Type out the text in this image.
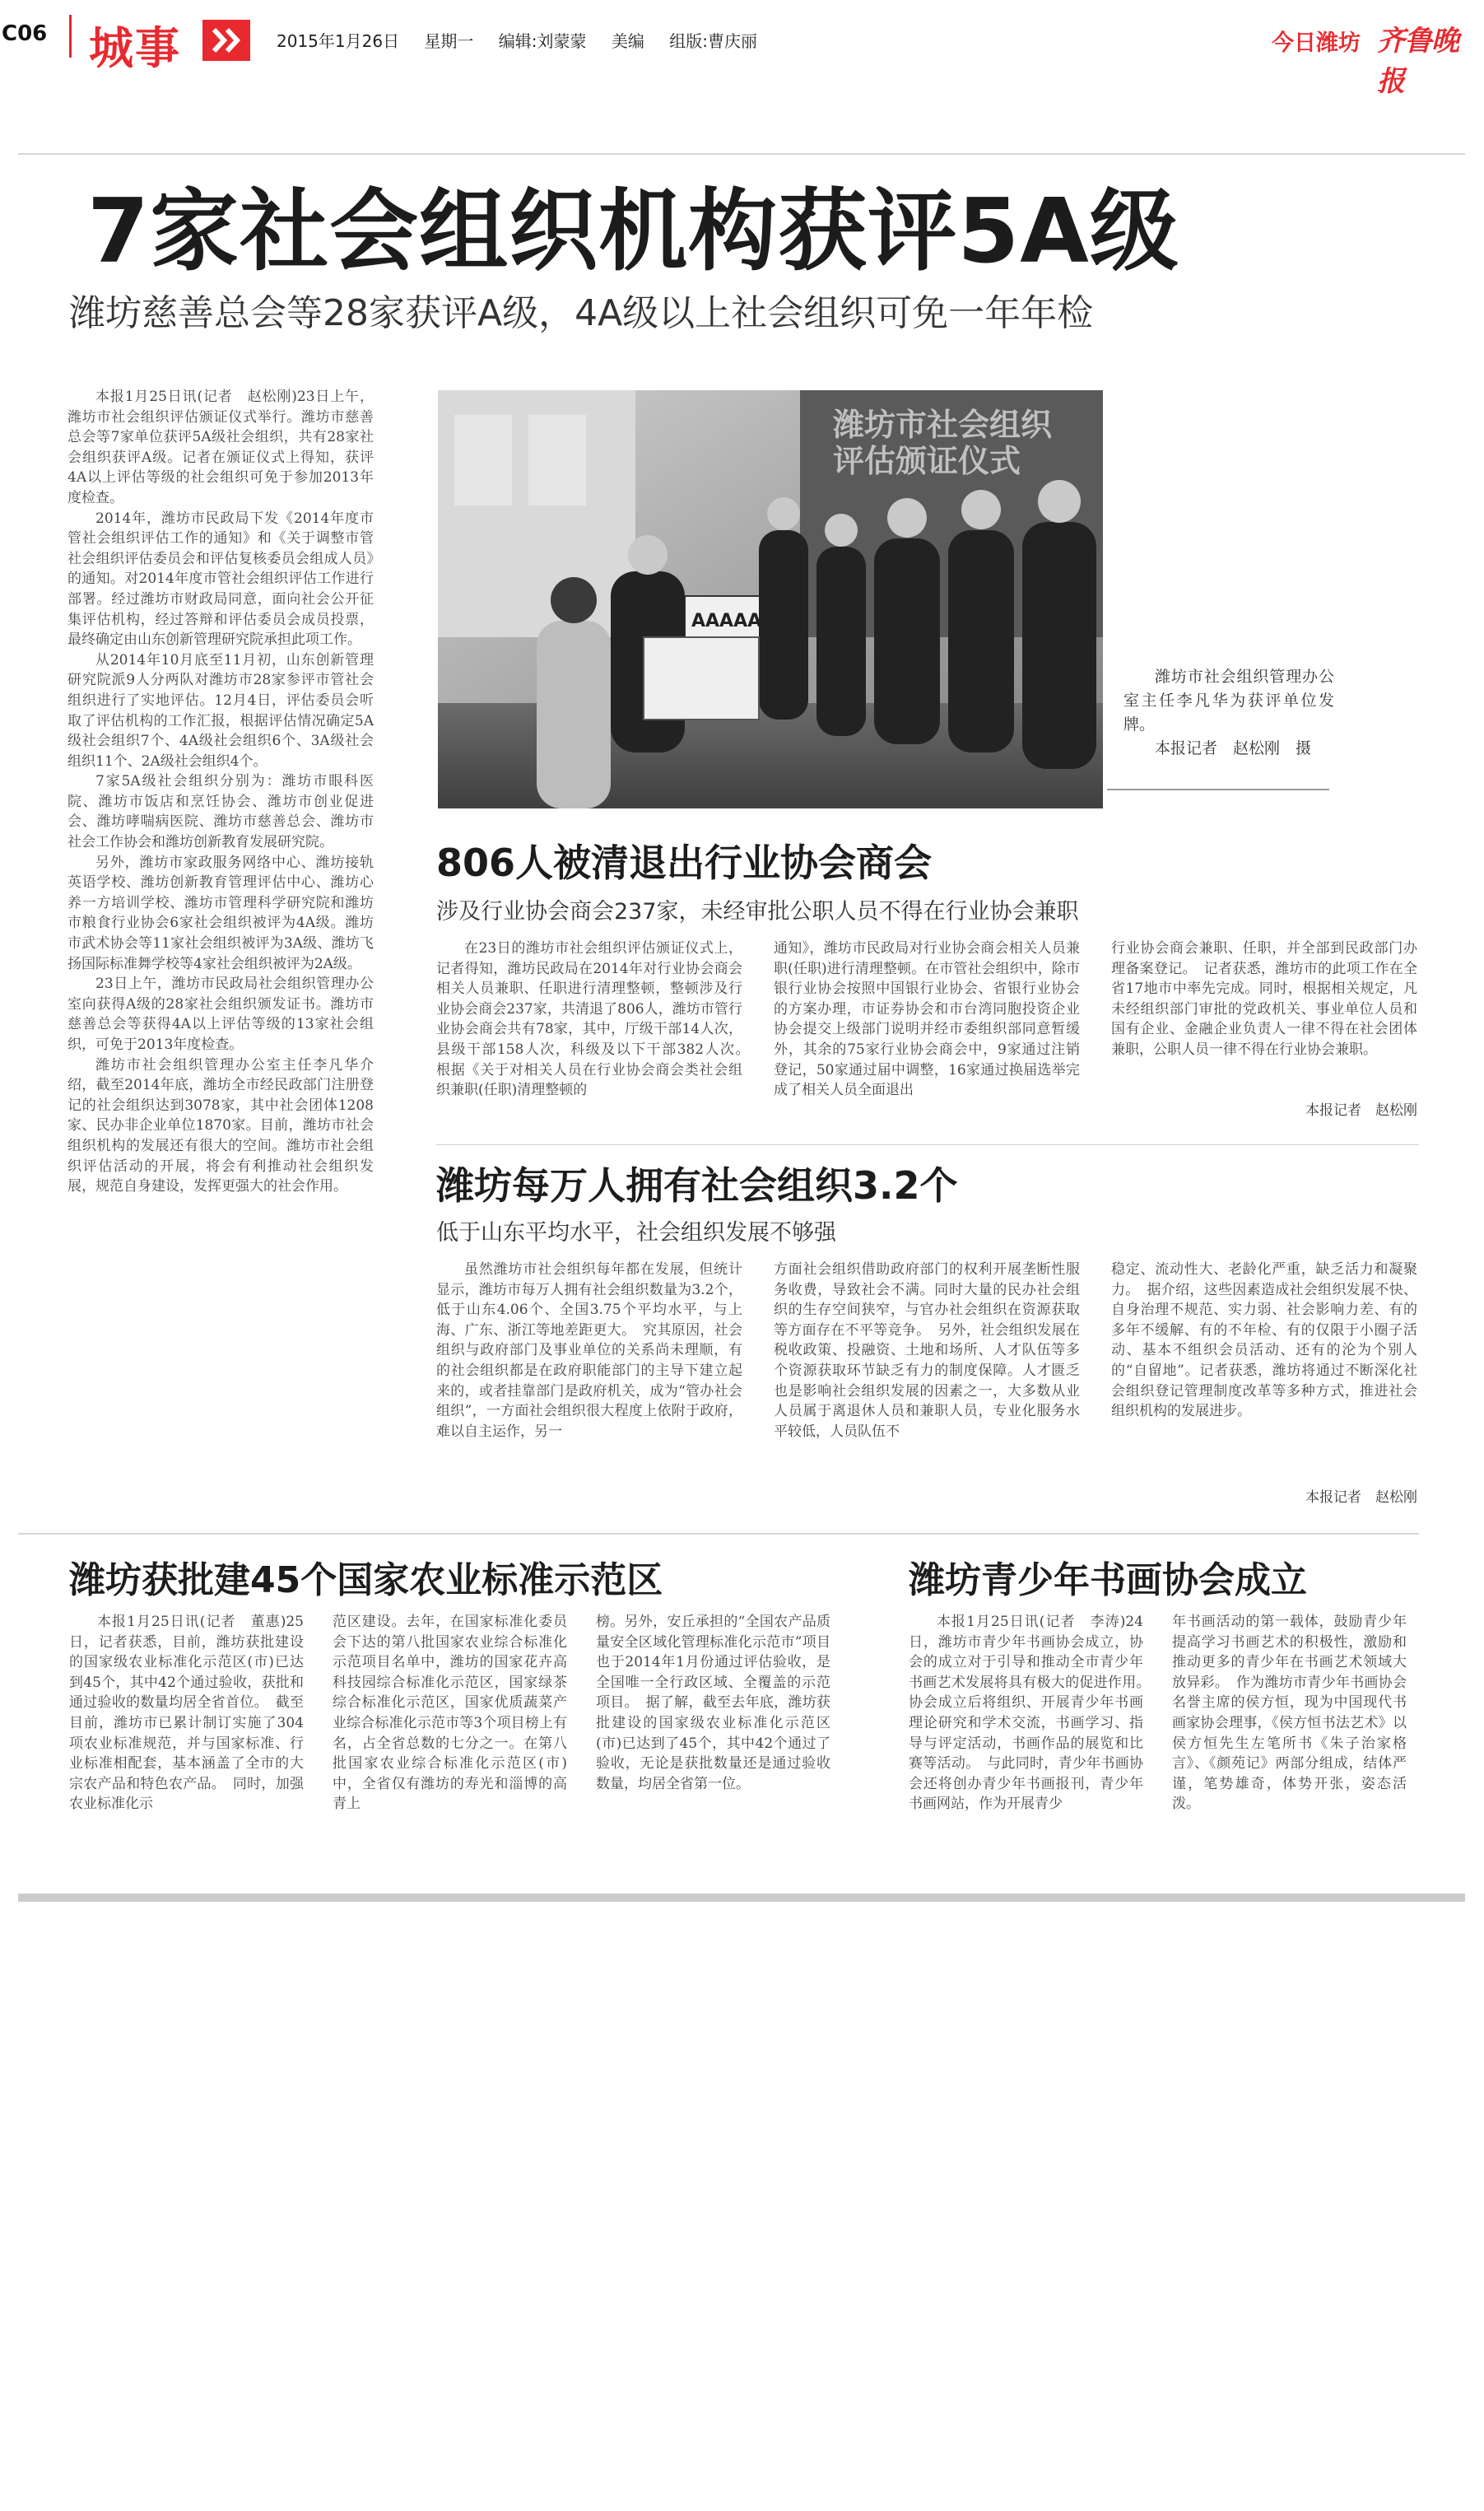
C06 城事	2015年1月26日 星期一 编辑:刘蒙蒙 美编 组版:曹庆丽	今日潍坊 齐鲁晚报
7家社会组织机构获评5A级
潍坊慈善总会等28家获评A级，4A级以上社会组织可免一年年检

本报1月25日讯(记者　赵松刚)23日上午，潍坊市社会组织评估颁证仪式举行。潍坊市慈善总会等7家单位获评5A级社会组织，共有28家社会组织获评A级。记者在颁证仪式上得知，获评4A以上评估等级的社会组织可免于参加2013年度检查。

2014年，潍坊市民政局下发《2014年度市管社会组织评估工作的通知》和《关于调整市管社会组织评估委员会和评估复核委员会组成人员》的通知。对2014年度市管社会组织评估工作进行部署。经过潍坊市财政局同意，面向社会公开征集评估机构，经过答辩和评估委员会成员投票，最终确定由山东创新管理研究院承担此项工作。

从2014年10月底至11月初，山东创新管理研究院派9人分两队对潍坊市28家参评市管社会组织进行了实地评估。12月4日，评估委员会听取了评估机构的工作汇报，根据评估情况确定5A级社会组织7个、4A级社会组织6个、3A级社会组织11个、2A级社会组织4个。

7家5A级社会组织分别为：潍坊市眼科医院、潍坊市饭店和烹饪协会、潍坊市创业促进会、潍坊哮喘病医院、潍坊市慈善总会、潍坊市社会工作协会和潍坊创新教育发展研究院。

另外，潍坊市家政服务网络中心、潍坊接轨英语学校、潍坊创新教育管理评估中心、潍坊心养一方培训学校、潍坊市管理科学研究院和潍坊市粮食行业协会6家社会组织被评为4A级。潍坊市武术协会等11家社会组织被评为3A级、潍坊飞扬国际标准舞学校等4家社会组织被评为2A级。

23日上午，潍坊市民政局社会组织管理办公室向获得A级的28家社会组织颁发证书。潍坊市慈善总会等获得4A以上评估等级的13家社会组织，可免于2013年度检查。

潍坊市社会组织管理办公室主任李凡华介绍，截至2014年底，潍坊全市经民政部门注册登记的社会组织达到3078家，其中社会团体1208家、民办非企业单位1870家。目前，潍坊市社会组织机构的发展还有很大的空间。潍坊市社会组织评估活动的开展，将会有利推动社会组织发展，规范自身建设，发挥更强大的社会作用。

潍坊市社会组织评估颁证仪式
AAAAA
潍坊市社会组织管理办公室主任李凡华为获评单位发牌。
本报记者　赵松刚　摄
806人被清退出行业协会商会
涉及行业协会商会237家，未经审批公职人员不得在行业协会兼职
在23日的潍坊市社会组织评估颁证仪式上，记者得知，潍坊民政局在2014年对行业协会商会相关人员兼职、任职进行清理整顿，整顿涉及行业协会商会237家，共清退了806人，潍坊市管行业协会商会共有78家，其中，厅级干部14人次，县级干部158人次，科级及以下干部382人次。　根据《关于对相关人员在行业协会商会类社会组织兼职(任职)清理整顿的
通知》，潍坊市民政局对行业协会商会相关人员兼职(任职)进行清理整顿。在市管社会组织中，除市银行业协会按照中国银行业协会、省银行业协会的方案办理，市证券协会和市台湾同胞投资企业协会提交上级部门说明并经市委组织部同意暂缓外，其余的75家行业协会商会中，9家通过注销登记，50家通过届中调整，16家通过换届选举完成了相关人员全面退出
行业协会商会兼职、任职，并全部到民政部门办理备案登记。　记者获悉，潍坊市的此项工作在全省17地市中率先完成。同时，根据相关规定，凡未经组织部门审批的党政机关、事业单位人员和国有企业、金融企业负责人一律不得在社会团体兼职，公职人员一律不得在行业协会兼职。
本报记者　赵松刚
潍坊每万人拥有社会组织3.2个
低于山东平均水平，社会组织发展不够强
虽然潍坊市社会组织每年都在发展，但统计显示，潍坊市每万人拥有社会组织数量为3.2个，低于山东4.06个、全国3.75个平均水平，与上海、广东、浙江等地差距更大。　究其原因，社会组织与政府部门及事业单位的关系尚未理顺，有的社会组织都是在政府职能部门的主导下建立起来的，或者挂靠部门是政府机关，成为“管办社会组织”，一方面社会组织很大程度上依附于政府，难以自主运作，另一
方面社会组织借助政府部门的权利开展垄断性服务收费，导致社会不满。同时大量的民办社会组织的生存空间狭窄，与官办社会组织在资源获取等方面存在不平等竞争。　另外，社会组织发展在税收政策、投融资、土地和场所、人才队伍等多个资源获取环节缺乏有力的制度保障。人才匮乏也是影响社会组织发展的因素之一，大多数从业人员属于离退休人员和兼职人员，专业化服务水平较低，人员队伍不
稳定、流动性大、老龄化严重，缺乏活力和凝聚力。　据介绍，这些因素造成社会组织发展不快、自身治理不规范、实力弱、社会影响力差、有的多年不缓解、有的不年检、有的仅限于小圈子活动、基本不组织会员活动、还有的沦为个别人的“自留地”。记者获悉，潍坊将通过不断深化社会组织登记管理制度改革等多种方式，推进社会组织机构的发展进步。
本报记者　赵松刚
潍坊获批建45个国家农业标准示范区
本报1月25日讯(记者　董惠)25日，记者获悉，目前，潍坊获批建设的国家级农业标准化示范区(市)已达到45个，其中42个通过验收，获批和通过验收的数量均居全省首位。　截至目前，潍坊市已累计制订实施了304项农业标准规范，并与国家标准、行业标准相配套，基本涵盖了全市的大宗农产品和特色农产品。　同时，加强农业标准化示
范区建设。去年，在国家标准化委员会下达的第八批国家农业综合标准化示范项目名单中，潍坊的国家花卉高科技园综合标准化示范区，国家绿茶综合标准化示范区，国家优质蔬菜产业综合标准化示范市等3个项目榜上有名，占全省总数的七分之一。在第八批国家农业综合标准化示范区(市)中，全省仅有潍坊的寿光和淄博的高青上
榜。另外，安丘承担的“全国农产品质量安全区域化管理标准化示范市”项目也于2014年1月份通过评估验收，是全国唯一全行政区域、全覆盖的示范项目。　据了解，截至去年底，潍坊获批建设的国家级农业标准化示范区(市)已达到了45个，其中42个通过了验收，无论是获批数量还是通过验收数量，均居全省第一位。
潍坊青少年书画协会成立
本报1月25日讯(记者　李涛)24日，潍坊市青少年书画协会成立，协会的成立对于引导和推动全市青少年书画艺术发展将具有极大的促进作用。　协会成立后将组织、开展青少年书画理论研究和学术交流，书画学习、指导与评定活动，书画作品的展览和比赛等活动。　与此同时，青少年书画协会还将创办青少年书画报刊，青少年书画网站，作为开展青少
年书画活动的第一载体，鼓励青少年提高学习书画艺术的积极性，激励和推动更多的青少年在书画艺术领域大放异彩。　作为潍坊市青少年书画协会名誉主席的侯方恒，现为中国现代书画家协会理事，《侯方恒书法艺术》以侯方恒先生左笔所书《朱子治家格言》、《颜苑记》两部分组成，结体严谨，笔势雄奇，体势开张，姿态活泼。
